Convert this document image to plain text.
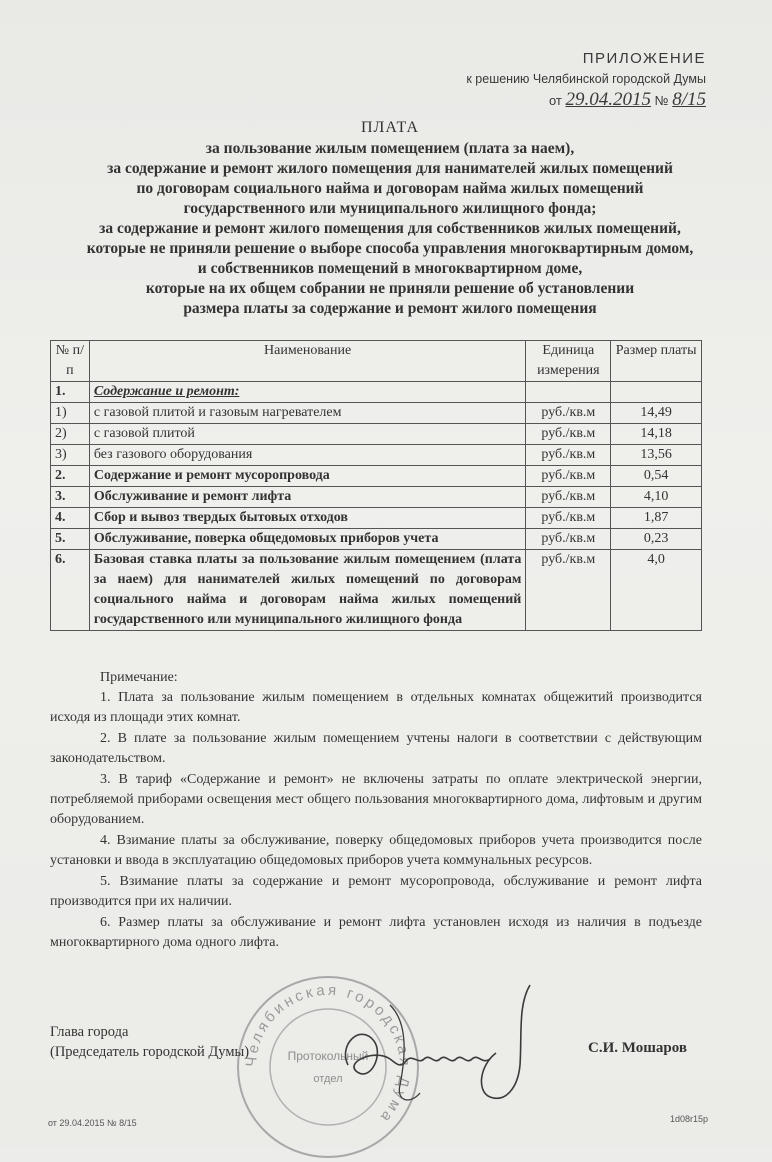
ПРИЛОЖЕНИЕ
к решению Челябинской городской Думы
от 29.04.2015 № 8/15
ПЛАТА
за пользование жилым помещением (плата за наем),
за содержание и ремонт жилого помещения для нанимателей жилых помещений
по договорам социального найма и договорам найма жилых помещений
государственного или муниципального жилищного фонда;
за содержание и ремонт жилого помещения для собственников жилых помещений,
которые не приняли решение о выборе способа управления многоквартирным домом,
и собственников помещений в многоквартирном доме,
которые на их общем собрании не приняли решение об установлении
размера платы за содержание и ремонт жилого помещения
№ п/п	Наименование	Единица измерения	Размер платы
1.	Содержание и ремонт:		
1)	с газовой плитой и газовым нагревателем	руб./кв.м	14,49
2)	с газовой плитой	руб./кв.м	14,18
3)	без газового оборудования	руб./кв.м	13,56
2.	Содержание и ремонт мусоропровода	руб./кв.м	0,54
3.	Обслуживание и ремонт лифта	руб./кв.м	4,10
4.	Сбор и вывоз твердых бытовых отходов	руб./кв.м	1,87
5.	Обслуживание, поверка общедомовых приборов учета	руб./кв.м	0,23
6.	Базовая ставка платы за пользование жилым помещением (плата за наем) для нанимателей жилых помещений по договорам социального найма и договорам найма жилых помещений государственного или муниципального жилищного фонда	руб./кв.м	4,0
Примечание:

1. Плата за пользование жилым помещением в отдельных комнатах общежитий производится исходя из площади этих комнат.

2. В плате за пользование жилым помещением учтены налоги в соответствии с действующим законодательством.

3. В тариф «Содержание и ремонт» не включены затраты по оплате электрической энергии, потребляемой приборами освещения мест общего пользования многоквартирного дома, лифтовым и другим оборудованием.

4. Взимание платы за обслуживание, поверку общедомовых приборов учета производится после установки и ввода в эксплуатацию общедомовых приборов учета коммунальных ресурсов.

5. Взимание платы за содержание и ремонт мусоропровода, обслуживание и ремонт лифта производится при их наличии.

6. Размер платы за обслуживание и ремонт лифта установлен исходя из наличия в подъезде многоквартирного дома одного лифта.

Челябинская городская Дума
Протокольный
отдел
Глава города
(Председатель городской Думы)	С.И. Мошаров
от 29.04.2015 № 8/15	1d08r15p
